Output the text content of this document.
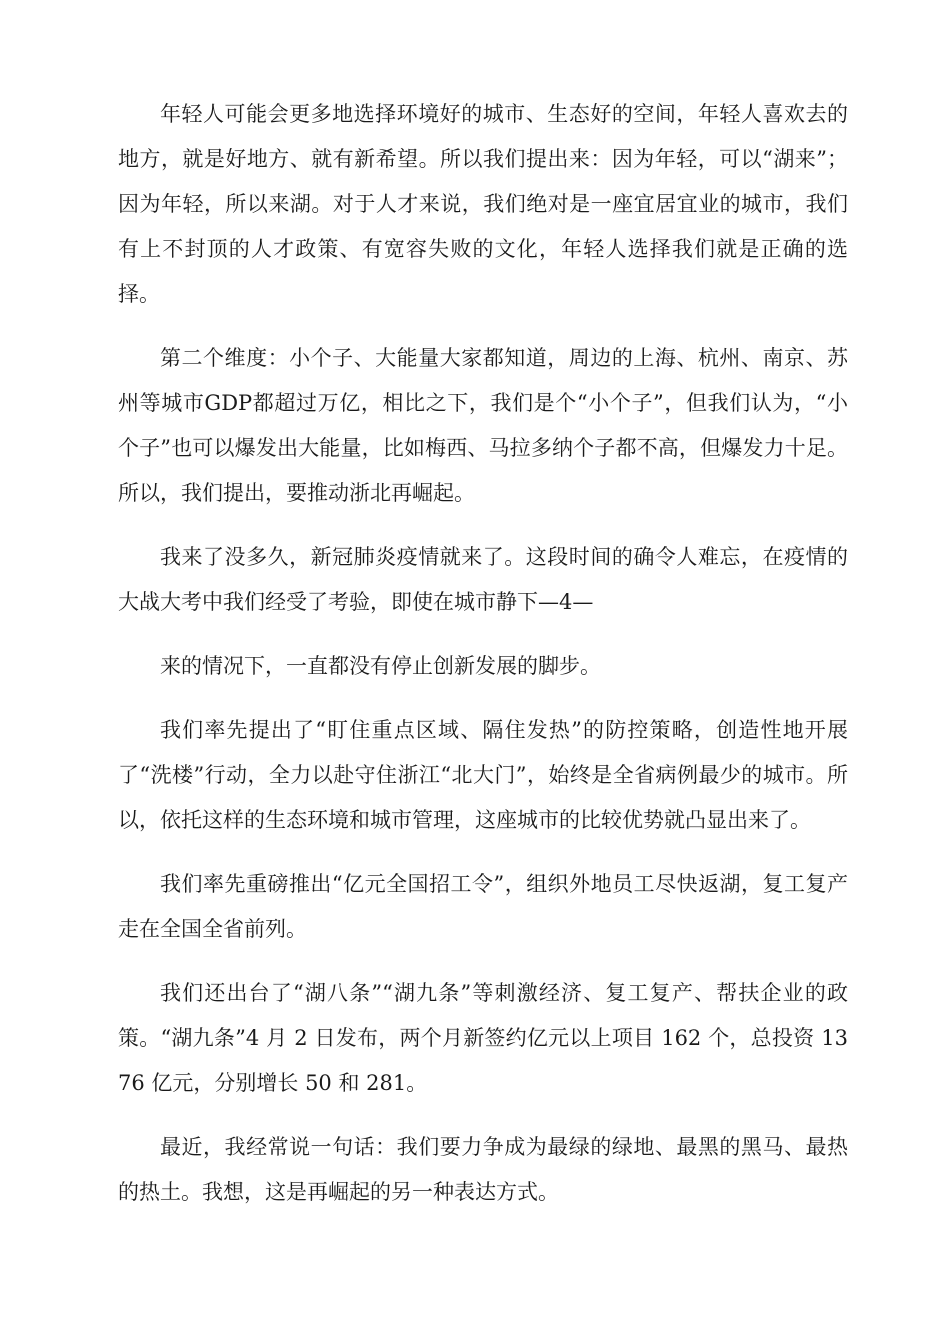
年轻人可能会更多地选择环境好的城市、生态好的空间，年轻人喜欢去的地方，就是好地方、就有新希望。所以我们提出来：因为年轻，可以“湖来”；因为年轻，所以来湖。对于人才来说，我们绝对是一座宜居宜业的城市，我们有上不封顶的人才政策、有宽容失败的文化，年轻人选择我们就是正确的选择。

第二个维度：小个子、大能量大家都知道，周边的上海、杭州、南京、苏州等城市GDP都超过万亿，相比之下，我们是个“小个子”，但我们认为，“小个子”也可以爆发出大能量，比如梅西、马拉多纳个子都不高，但爆发力十足。所以，我们提出，要推动浙北再崛起。

我来了没多久，新冠肺炎疫情就来了。这段时间的确令人难忘，在疫情的大战大考中我们经受了考验，即使在城市静下—4—

来的情况下，一直都没有停止创新发展的脚步。

我们率先提出了“盯住重点区域、隔住发热”的防控策略，创造性地开展了“洗楼”行动，全力以赴守住浙江“北大门”，始终是全省病例最少的城市。所以，依托这样的生态环境和城市管理，这座城市的比较优势就凸显出来了。

我们率先重磅推出“亿元全国招工令”，组织外地员工尽快返湖，复工复产走在全国全省前列。

我们还出台了“湖八条”“湖九条”等刺激经济、复工复产、帮扶企业的政策。“湖九条”4 月 2 日发布，两个月新签约亿元以上项目 162 个，总投资 1376 亿元，分别增长 50 和 281。

最近，我经常说一句话：我们要力争成为最绿的绿地、最黑的黑马、最热的热土。我想，这是再崛起的另一种表达方式。
